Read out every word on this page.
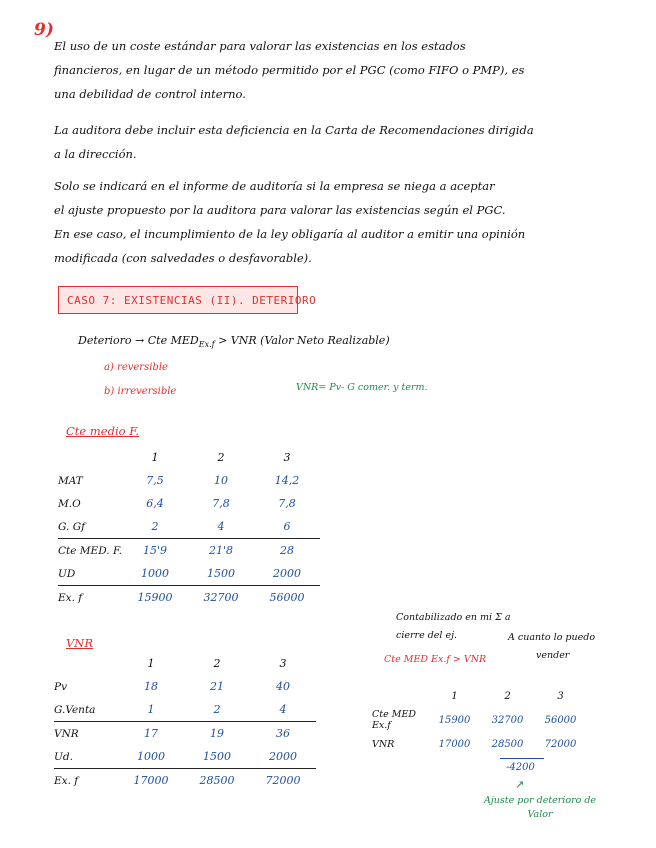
9)
El uso de un coste estándar para valorar las existencias en los estados
financieros, en lugar de un método permitido por el PGC (como FIFO o PMP), es
una debilidad de control interno.
La auditora debe incluir esta deficiencia en la Carta de Recomendaciones dirigida
a la dirección.
Solo se indicará en el informe de auditoría si la empresa se niega a aceptar
el ajuste propuesto por la auditora para valorar las existencias según el PGC.
En ese caso, el incumplimiento de la ley obligaría al auditor a emitir una opinión
modificada (con salvedades o desfavorable).
CASO 7: EXISTENCIAS (II). DETERIORO
Deterioro → Cte $MED_{Ex.f}$ > VNR (Valor Neto Realizable)
a) reversible
b) irreversible	VNR= Pv- G comer. y term.
Cte medio F.
	1	2	3
MAT	7,5	10	14,2
M.O	6,4	7,8	7,8
G. Gf	2	4	6
Cte MED. F.	15'9	21'8	28
UD	1000	1500	2000
Ex. f	15900	32700	56000
VNR
	1	2	3
Pv	18	21	40
G.Venta	1	2	4
VNR	17	19	36
Ud.	1000	1500	2000
Ex. f	17000	28500	72000
Contabilizado en mi Σ a
cierre del ej.	A cuanto lo puedo
vender
Cte MED Ex.f > VNR
	1	2	3
Cte MED Ex.f	15900	32700	56000
VNR	17000	28500	72000
-4200
↗
Ajuste por deterioro de
Valor
